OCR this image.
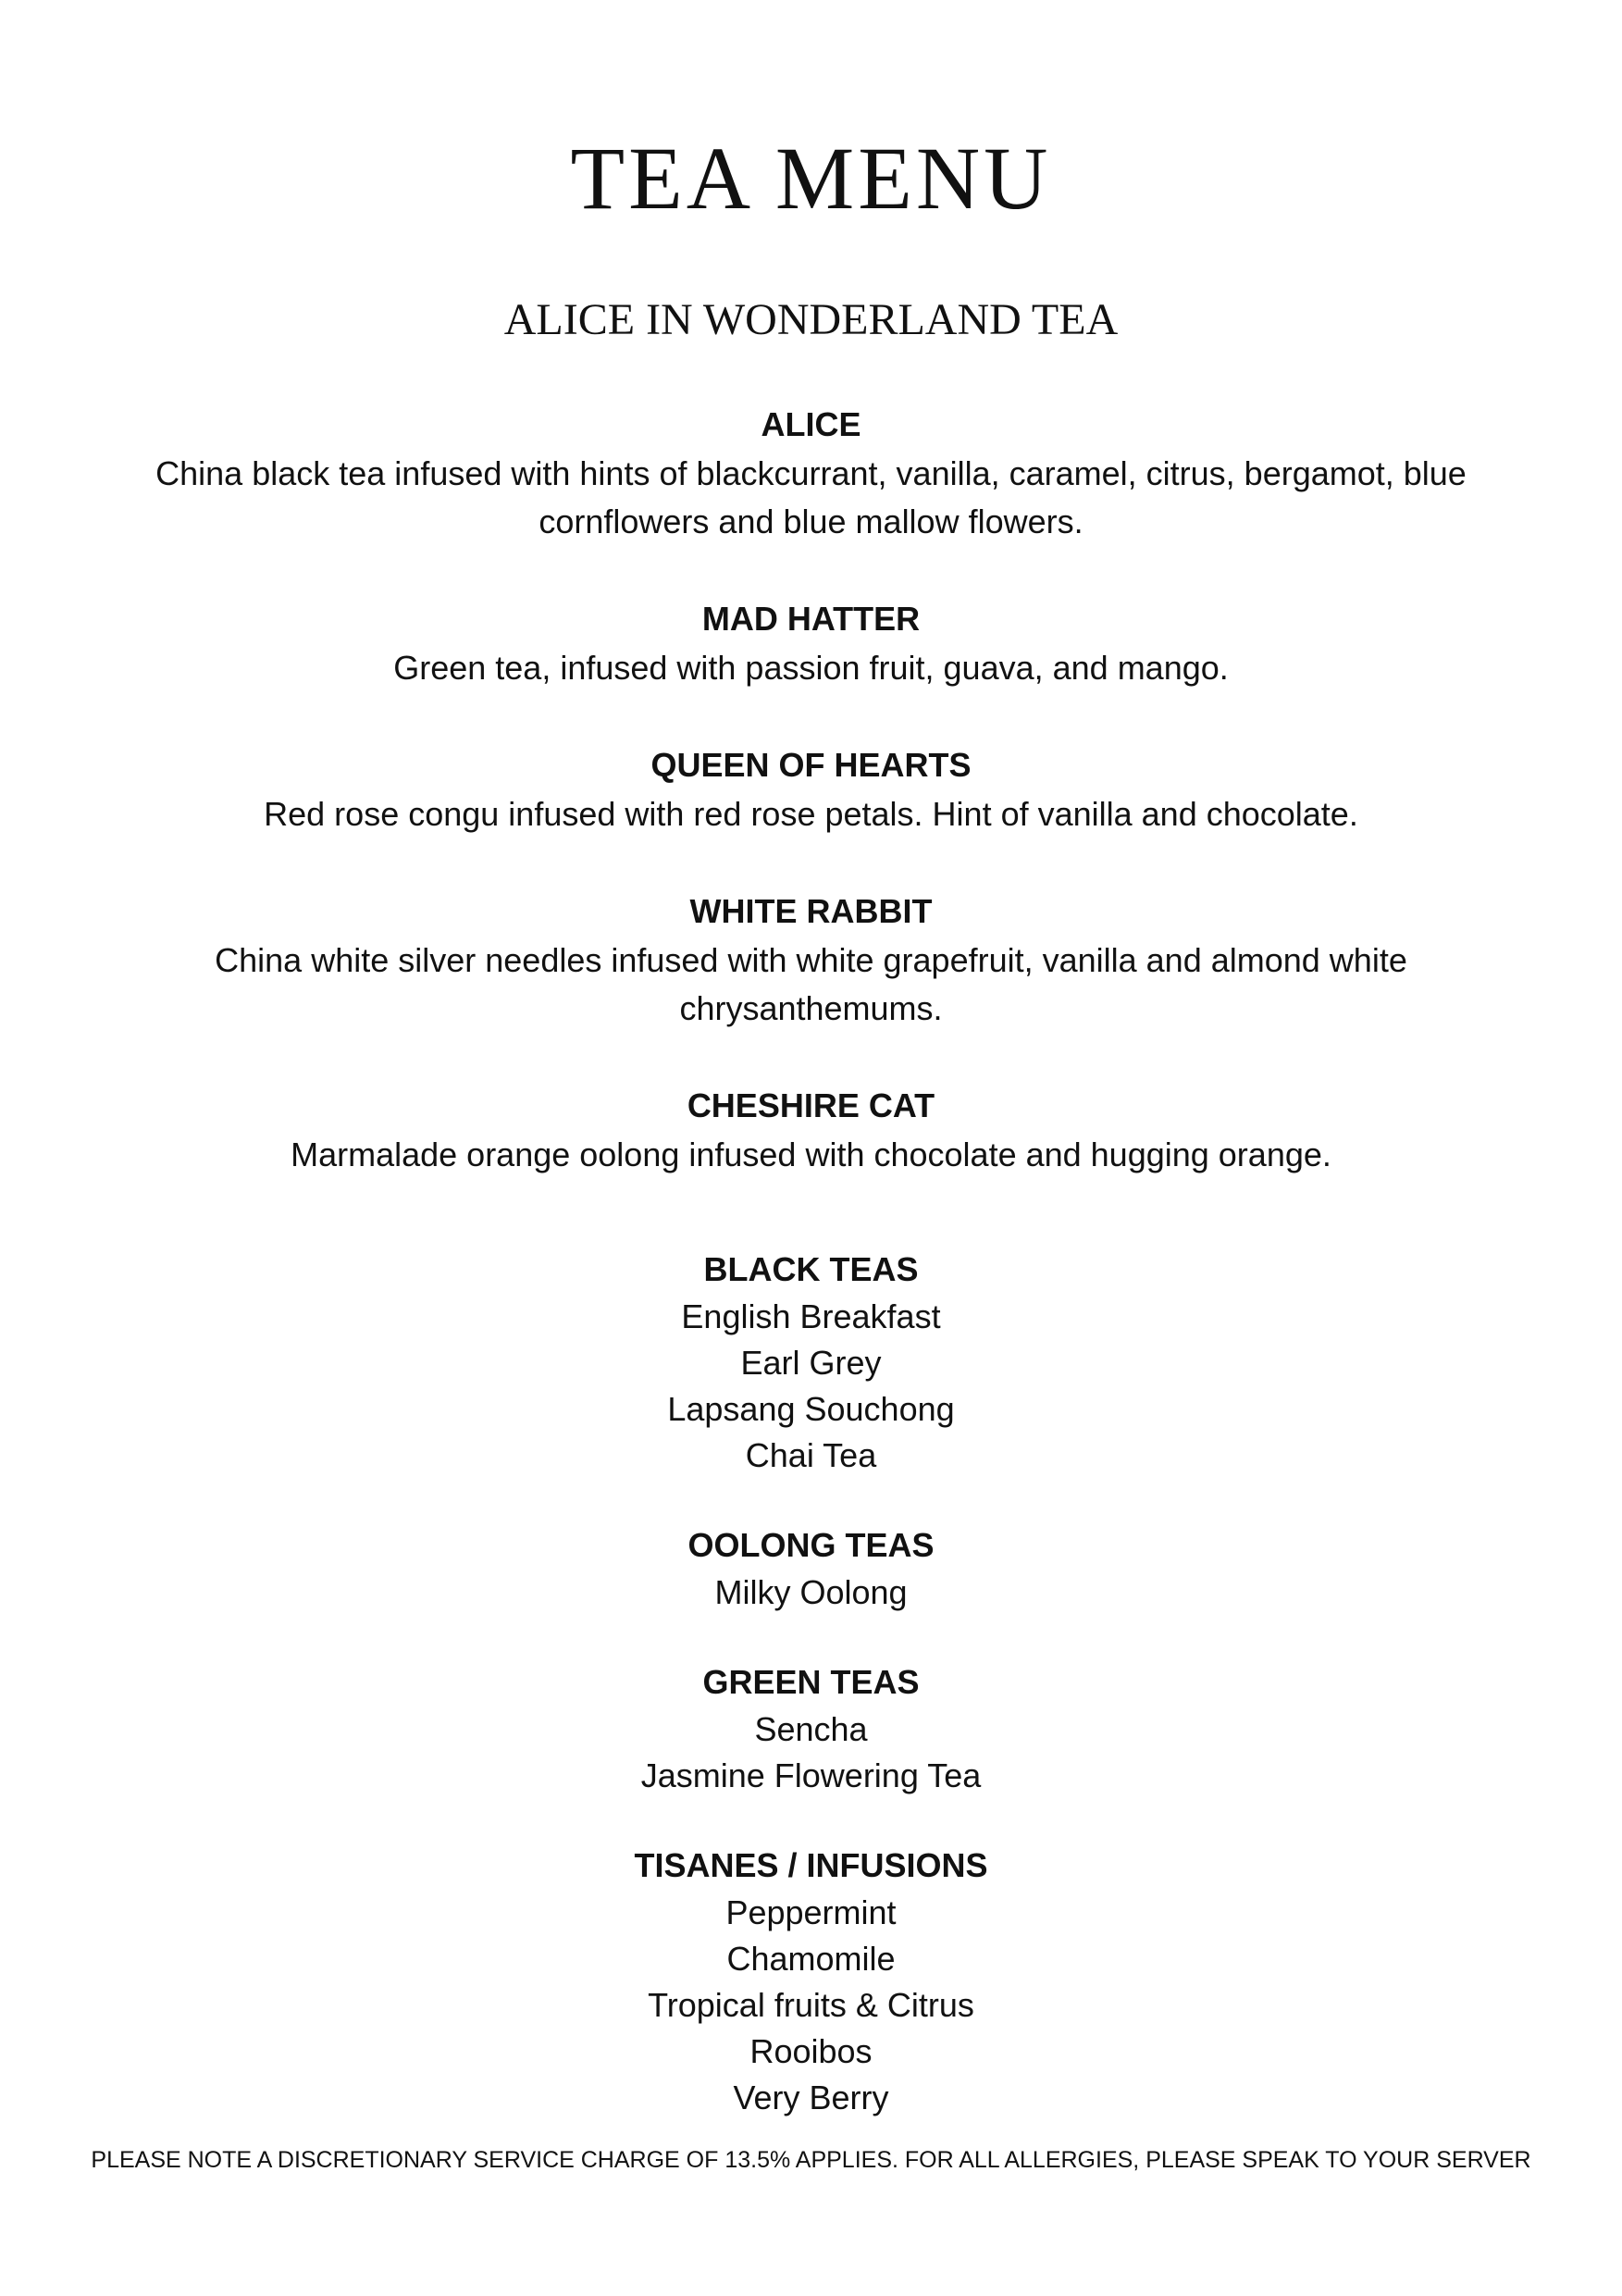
TEA MENU
ALICE IN WONDERLAND TEA
ALICE
China black tea infused with hints of blackcurrant, vanilla, caramel, citrus, bergamot, blue cornflowers and blue mallow flowers.
MAD HATTER
Green tea, infused with passion fruit, guava, and mango.
QUEEN OF HEARTS
Red rose congu infused with red rose petals. Hint of vanilla and chocolate.
WHITE RABBIT
China white silver needles infused with white grapefruit, vanilla and almond white chrysanthemums.
CHESHIRE CAT
Marmalade orange oolong infused with chocolate and hugging orange.
BLACK TEAS
English Breakfast
Earl Grey
Lapsang Souchong
Chai Tea
OOLONG TEAS
Milky Oolong
GREEN TEAS
Sencha
Jasmine Flowering Tea
TISANES / INFUSIONS
Peppermint
Chamomile
Tropical fruits & Citrus
Rooibos
Very Berry
PLEASE NOTE A DISCRETIONARY SERVICE CHARGE OF 13.5% APPLIES. FOR ALL ALLERGIES, PLEASE SPEAK TO YOUR SERVER
